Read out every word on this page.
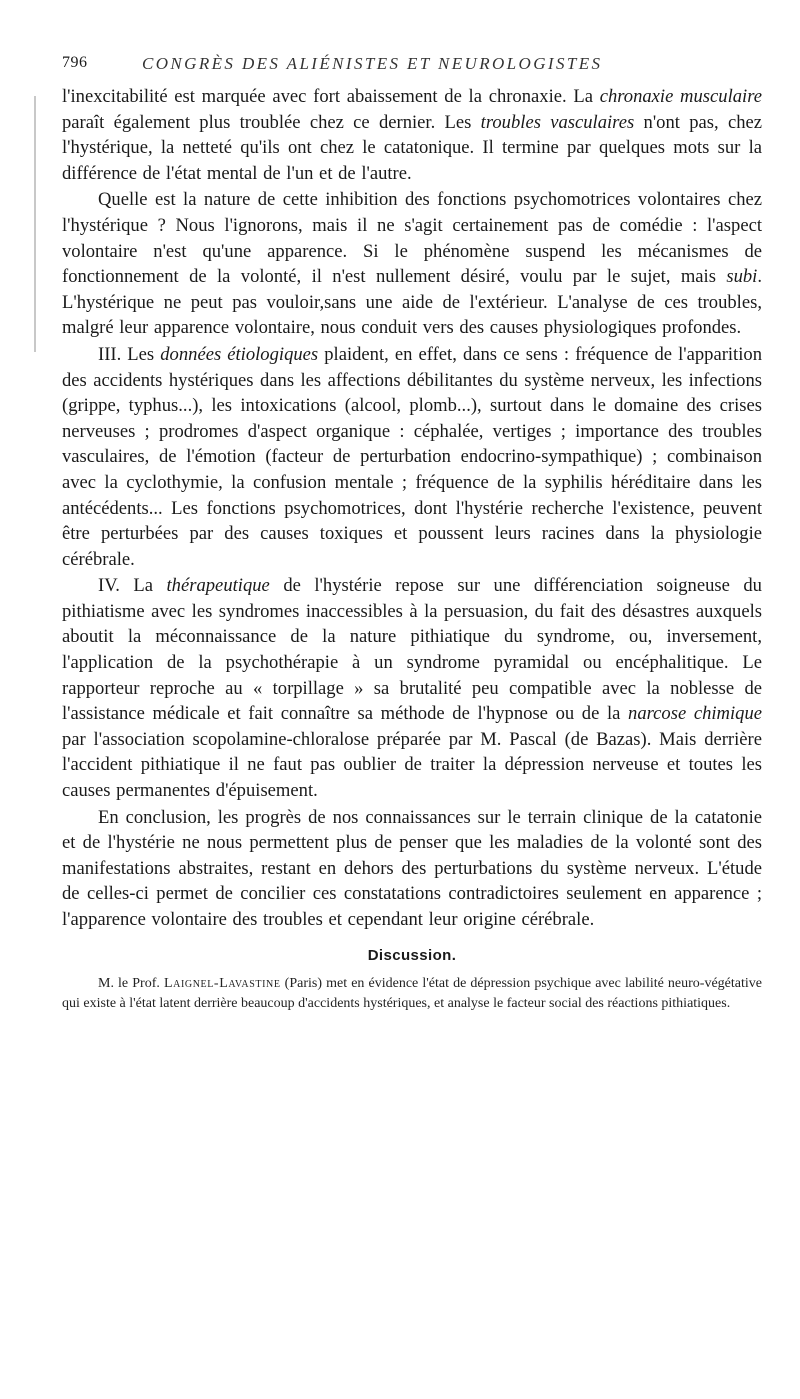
796	CONGRÈS DES ALIÉNISTES ET NEUROLOGISTES

l'inexcitabilité est marquée avec fort abaissement de la chronaxie. La chronaxie musculaire paraît également plus troublée chez ce dernier. Les troubles vasculaires n'ont pas, chez l'hystérique, la netteté qu'ils ont chez le catatonique. Il termine par quelques mots sur la différence de l'état mental de l'un et de l'autre.

Quelle est la nature de cette inhibition des fonctions psychomotrices volontaires chez l'hystérique ? Nous l'ignorons, mais il ne s'agit certainement pas de comédie : l'aspect volontaire n'est qu'une apparence. Si le phénomène suspend les mécanismes de fonctionnement de la volonté, il n'est nullement désiré, voulu par le sujet, mais subi. L'hystérique ne peut pas vouloir,sans une aide de l'extérieur. L'analyse de ces troubles, malgré leur apparence volontaire, nous conduit vers des causes physiologiques profondes.

III. Les données étiologiques plaident, en effet, dans ce sens : fréquence de l'apparition des accidents hystériques dans les affections débilitantes du système nerveux, les infections (grippe, typhus...), les intoxications (alcool, plomb...), surtout dans le domaine des crises nerveuses ; prodromes d'aspect organique : céphalée, vertiges ; importance des troubles vasculaires, de l'émotion (facteur de perturbation endocrino-sympathique) ; combinaison avec la cyclothymie, la confusion mentale ; fréquence de la syphilis héréditaire dans les antécédents... Les fonctions psychomotrices, dont l'hystérie recherche l'existence, peuvent être perturbées par des causes toxiques et poussent leurs racines dans la physiologie cérébrale.

IV. La thérapeutique de l'hystérie repose sur une différenciation soigneuse du pithiatisme avec les syndromes inaccessibles à la persuasion, du fait des désastres auxquels aboutit la méconnaissance de la nature pithiatique du syndrome, ou, inversement, l'application de la psychothérapie à un syndrome pyramidal ou encéphalitique. Le rapporteur reproche au « torpillage » sa brutalité peu compatible avec la noblesse de l'assistance médicale et fait connaître sa méthode de l'hypnose ou de la narcose chimique par l'association scopolamine-chloralose préparée par M. Pascal (de Bazas). Mais derrière l'accident pithiatique il ne faut pas oublier de traiter la dépression nerveuse et toutes les causes permanentes d'épuisement.

En conclusion, les progrès de nos connaissances sur le terrain clinique de la catatonie et de l'hystérie ne nous permettent plus de penser que les maladies de la volonté sont des manifestations abstraites, restant en dehors des perturbations du système nerveux. L'étude de celles-ci permet de concilier ces constatations contradictoires seulement en apparence ; l'apparence volontaire des troubles et cependant leur origine cérébrale.

Discussion.

M. le Prof. Laignel-Lavastine (Paris) met en évidence l'état de dépression psychique avec labilité neuro-végétative qui existe à l'état latent derrière beaucoup d'accidents hystériques, et analyse le facteur social des réactions pithiatiques.
